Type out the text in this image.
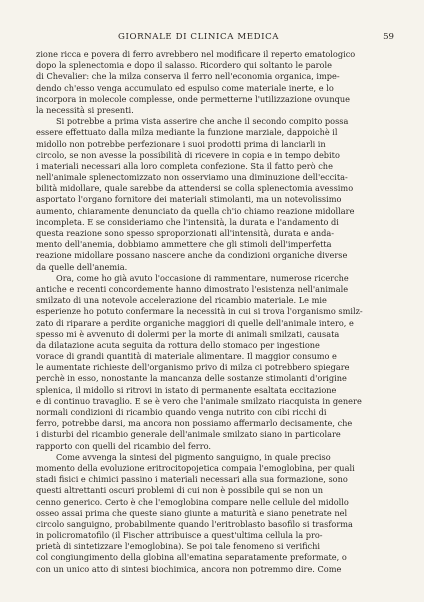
GIORNALE DI CLINICA MEDICA	59
zione ricca e povera di ferro avrebbero nel modificare il reperto ematologico
dopo la splenectomia e dopo il salasso. Ricordero qui soltanto le parole
di Chevalier: che la milza conserva il ferro nell'economia organica, impe-
dendo ch'esso venga accumulato ed espulso come materiale inerte, e lo
incorpora in molecole complesse, onde permetterne l'utilizzazione ovunque
la necessità si presenti.
Si potrebbe a prima vista asserire che anche il secondo compito possa
essere effettuato dalla milza mediante la funzione marziale, dappoichè il
midollo non potrebbe perfezionare i suoi prodotti prima di lanciarli in
circolo, se non avesse la possibilità di ricevere in copia e in tempo debito
i materiali necessari alla loro completa confezione. Sta il fatto però che
nell'animale splenectomizzato non osserviamo una diminuzione dell'eccita-
bilità midollare, quale sarebbe da attendersi se colla splenectomia avessimo
asportato l'organo fornitore dei materiali stimolanti, ma un notevolissimo
aumento, chiaramente denunciato da quella ch'io chiamo reazione midollare
incompleta. E se consideriamo che l'intensità, la durata e l'andamento di
questa reazione sono spesso sproporzionati all'intensità, durata e anda-
mento dell'anemia, dobbiamo ammettere che gli stimoli dell'imperfetta
reazione midollare possano nascere anche da condizioni organiche diverse
da quelle dell'anemia.
Ora, come ho già avuto l'occasione di rammentare, numerose ricerche
antiche e recenti concordemente hanno dimostrato l'esistenza nell'animale
smilzato di una notevole accelerazione del ricambio materiale. Le mie
esperienze ho potuto confermare la necessità in cui si trova l'organismo smilz-
zato di riparare a perdite organiche maggiori di quelle dell'animale intero, e
spesso mi è avvenuto di dolermi per la morte di animali smilzati, causata
da dilatazione acuta seguita da rottura dello stomaco per ingestione
vorace di grandi quantità di materiale alimentare. Il maggior consumo e
le aumentate richieste dell'organismo privo di milza ci potrebbero spiegare
perchè in esso, nonostante la mancanza delle sostanze stimolanti d'origine
splenica, il midollo si ritrovi in istato di permanente esaltata eccitazione
e di continuo travaglio. E se è vero che l'animale smilzato riacquista in genere
normali condizioni di ricambio quando venga nutrito con cibi ricchi di
ferro, potrebbe darsi, ma ancora non possiamo affermarlo decisamente, che
i disturbi del ricambio generale dell'animale smilzato siano in particolare
rapporto con quelli del ricambio del ferro.
Come avvenga la sintesi del pigmento sanguigno, in quale preciso
momento della evoluzione eritrocitopojetica compaia l'emoglobina, per quali
stadi fisici e chimici passino i materiali necessari alla sua formazione, sono
questi altrettanti oscuri problemi di cui non è possibile qui se non un
cenno generico. Certo è che l'emoglobina compare nelle cellule del midollo
osseo assai prima che queste siano giunte a maturità e siano penetrate nel
circolo sanguigno, probabilmente quando l'eritroblasto basofilo si trasforma
in policromatofilo (il Fischer attribuisce a quest'ultima cellula la pro-
prietà di sintetizzare l'emoglobina). Se poi tale fenomeno si verifichi
col congiungimento della globina all'ematina separatamente preformate, o
con un unico atto di sintesi biochimica, ancora non potremmo dire. Come
